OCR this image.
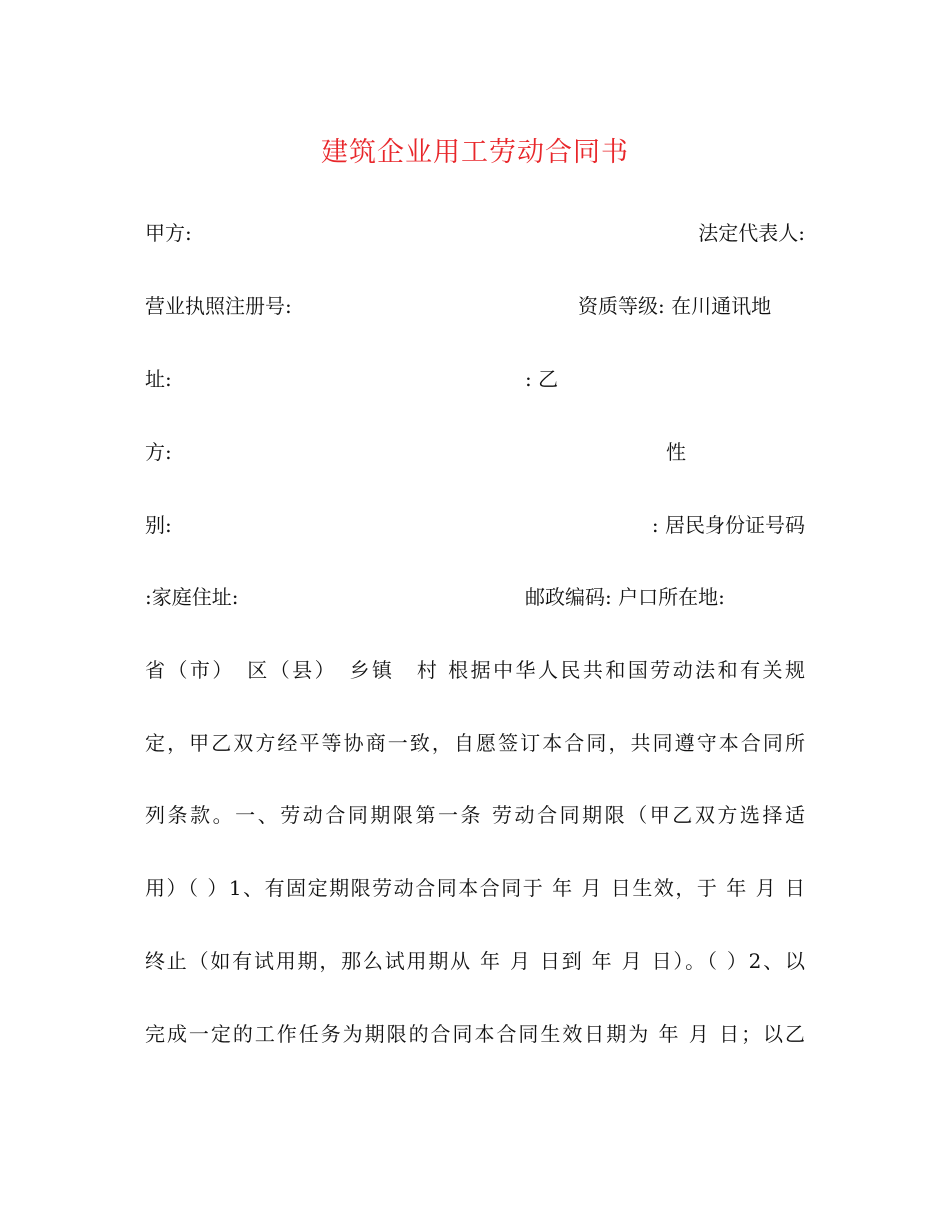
建筑企业用工劳动合同书
甲方:	法定代表人:
营业执照注册号:	资质等级: 在川通讯地
址:	: 乙
方:	性
别:	: 居民身份证号码
:家庭住址:	邮政编码: 户口所在地:
省（市）　区（县）　乡镇　村 根据中华人民共和国劳动法和有关规
定，甲乙双方经平等协商一致，自愿签订本合同，共同遵守本合同所
列条款。一、劳动合同期限第一条 劳动合同期限（甲乙双方选择适
用）（ ）1、有固定期限劳动合同本合同于 年 月 日生效，于 年 月 日
终止（如有试用期，那么试用期从 年 月 日到 年 月 日）。（ ）2、以
完成一定的工作任务为期限的合同本合同生效日期为 年 月 日；以乙
